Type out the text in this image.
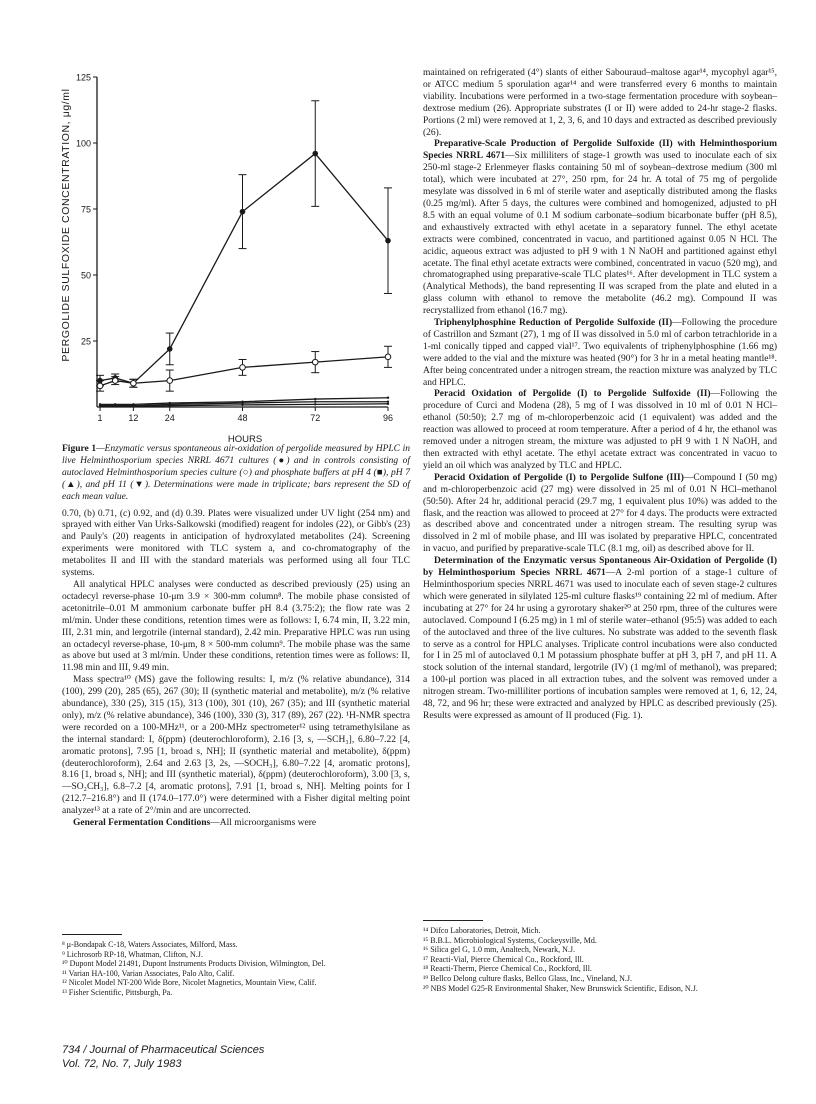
PERGOLIDE SULFOXIDE CONCENTRATION, μg/ml
HOURS
25
50
75
100
125
1	12	24	48	72	96

Figure 1—Enzymatic versus spontaneous air-oxidation of pergolide measured by HPLC in live Helminthosporium species NRRL 4671 cultures (●) and in controls consisting of autoclaved Helminthosporium species culture (○) and phosphate buffers at pH 4 (■), pH 7 (▲), and pH 11 (▼). Determinations were made in triplicate; bars represent the SD of each mean value.

0.70, (b) 0.71, (c) 0.92, and (d) 0.39. Plates were visualized under UV light (254 nm) and sprayed with either Van Urks-Salkowski (modified) reagent for indoles (22), or Gibb's (23) and Pauly's (20) reagents in anticipation of hydroxylated metabolites (24). Screening experiments were monitored with TLC system a, and co-chromatography of the metabolites II and III with the standard materials was performed using all four TLC systems.

All analytical HPLC analyses were conducted as described previously (25) using an octadecyl reverse-phase 10-μm 3.9 × 300-mm column⁸. The mobile phase consisted of acetonitrile–0.01 M ammonium carbonate buffer pH 8.4 (3.75:2); the flow rate was 2 ml/min. Under these conditions, retention times were as follows: I, 6.74 min, II, 3.22 min, III, 2.31 min, and lergotrile (internal standard), 2.42 min. Preparative HPLC was run using an octadecyl reverse-phase, 10-μm, 8 × 500-mm column⁹. The mobile phase was the same as above but used at 3 ml/min. Under these conditions, retention times were as follows: II, 11.98 min and III, 9.49 min.

Mass spectra¹⁰ (MS) gave the following results: I, m/z (% relative abundance), 314 (100), 299 (20), 285 (65), 267 (30); II (synthetic material and metabolite), m/z (% relative abundance), 330 (25), 315 (15), 313 (100), 301 (10), 267 (35); and III (synthetic material only), m/z (% relative abundance), 346 (100), 330 (3), 317 (89), 267 (22). ¹H-NMR spectra were recorded on a 100-MHz¹¹, or a 200-MHz spectrometer¹² using tetramethylsilane as the internal standard: I, δ(ppm) (deuterochloroform), 2.16 [3, s, —SCH₃], 6.80–7.22 [4, aromatic protons], 7.95 [1, broad s, NH]; II (synthetic material and metabolite), δ(ppm) (deuterochloroform), 2.64 and 2.63 [3, 2s, —SOCH₃], 6.80–7.22 [4, aromatic protons], 8.16 [1, broad s, NH]; and III (synthetic material), δ(ppm) (deuterochloroform), 3.00 [3, s, —SO₂CH₃], 6.8–7.2 [4, aromatic protons], 7.91 [1, broad s, NH]. Melting points for I (212.7–216.8°) and II (174.0–177.0°) were determined with a Fisher digital melting point analyzer¹³ at a rate of 2°/min and are uncorrected.

General Fermentation Conditions—All microorganisms were

⁸ μ-Bondapak C-18, Waters Associates, Milford, Mass.

⁹ Lichrosorb RP-18, Whatman, Clifton, N.J.

¹⁰ Dupont Model 21491, Dupont Instruments Products Division, Wilmington, Del.

¹¹ Varian HA-100, Varian Associates, Palo Alto, Calif.

¹² Nicolet Model NT-200 Wide Bore, Nicolet Magnetics, Mountain View, Calif.

¹³ Fisher Scientific, Pittsburgh, Pa.

maintained on refrigerated (4°) slants of either Sabouraud–maltose agar¹⁴, mycophyl agar¹⁵, or ATCC medium 5 sporulation agar¹⁴ and were transferred every 6 months to maintain viability. Incubations were performed in a two-stage fermentation procedure with soybean–dextrose medium (26). Appropriate substrates (I or II) were added to 24-hr stage-2 flasks. Portions (2 ml) were removed at 1, 2, 3, 6, and 10 days and extracted as described previously (26).

Preparative-Scale Production of Pergolide Sulfoxide (II) with Helminthosporium Species NRRL 4671—Six milliliters of stage-1 growth was used to inoculate each of six 250-ml stage-2 Erlenmeyer flasks containing 50 ml of soybean–dextrose medium (300 ml total), which were incubated at 27°, 250 rpm, for 24 hr. A total of 75 mg of pergolide mesylate was dissolved in 6 ml of sterile water and aseptically distributed among the flasks (0.25 mg/ml). After 5 days, the cultures were combined and homogenized, adjusted to pH 8.5 with an equal volume of 0.1 M sodium carbonate–sodium bicarbonate buffer (pH 8.5), and exhaustively extracted with ethyl acetate in a separatory funnel. The ethyl acetate extracts were combined, concentrated in vacuo, and partitioned against 0.05 N HCl. The acidic, aqueous extract was adjusted to pH 9 with 1 N NaOH and partitioned against ethyl acetate. The final ethyl acetate extracts were combined, concentrated in vacuo (520 mg), and chromatographed using preparative-scale TLC plates¹⁶. After development in TLC system a (Analytical Methods), the band representing II was scraped from the plate and eluted in a glass column with ethanol to remove the metabolite (46.2 mg). Compound II was recrystallized from ethanol (16.7 mg).

Triphenylphosphine Reduction of Pergolide Sulfoxide (II)—Following the procedure of Castrillon and Szmant (27), 1 mg of II was dissolved in 5.0 ml of carbon tetrachloride in a 1-ml conically tipped and capped vial¹⁷. Two equivalents of triphenylphosphine (1.66 mg) were added to the vial and the mixture was heated (90°) for 3 hr in a metal heating mantle¹⁸. After being concentrated under a nitrogen stream, the reaction mixture was analyzed by TLC and HPLC.

Peracid Oxidation of Pergolide (I) to Pergolide Sulfoxide (II)—Following the procedure of Curci and Modena (28), 5 mg of I was dissolved in 10 ml of 0.01 N HCl–ethanol (50:50); 2.7 mg of m-chloroperbenzoic acid (1 equivalent) was added and the reaction was allowed to proceed at room temperature. After a period of 4 hr, the ethanol was removed under a nitrogen stream, the mixture was adjusted to pH 9 with 1 N NaOH, and then extracted with ethyl acetate. The ethyl acetate extract was concentrated in vacuo to yield an oil which was analyzed by TLC and HPLC.

Peracid Oxidation of Pergolide (I) to Pergolide Sulfone (III)—Compound I (50 mg) and m-chloroperbenzoic acid (27 mg) were dissolved in 25 ml of 0.01 N HCl–methanol (50:50). After 24 hr, additional peracid (29.7 mg, 1 equivalent plus 10%) was added to the flask, and the reaction was allowed to proceed at 27° for 4 days. The products were extracted as described above and concentrated under a nitrogen stream. The resulting syrup was dissolved in 2 ml of mobile phase, and III was isolated by preparative HPLC, concentrated in vacuo, and purified by preparative-scale TLC (8.1 mg, oil) as described above for II.

Determination of the Enzymatic versus Spontaneous Air-Oxidation of Pergolide (I) by Helminthosporium Species NRRL 4671—A 2-ml portion of a stage-1 culture of Helminthosporium species NRRL 4671 was used to inoculate each of seven stage-2 cultures which were generated in silylated 125-ml culture flasks¹⁹ containing 22 ml of medium. After incubating at 27° for 24 hr using a gyrorotary shaker²⁰ at 250 rpm, three of the cultures were autoclaved. Compound I (6.25 mg) in 1 ml of sterile water–ethanol (95:5) was added to each of the autoclaved and three of the live cultures. No substrate was added to the seventh flask to serve as a control for HPLC analyses. Triplicate control incubations were also conducted for I in 25 ml of autoclaved 0.1 M potassium phosphate buffer at pH 3, pH 7, and pH 11. A stock solution of the internal standard, lergotrile (IV) (1 mg/ml of methanol), was prepared; a 100-μl portion was placed in all extraction tubes, and the solvent was removed under a nitrogen stream. Two-milliliter portions of incubation samples were removed at 1, 6, 12, 24, 48, 72, and 96 hr; these were extracted and analyzed by HPLC as described previously (25). Results were expressed as amount of II produced (Fig. 1).

¹⁴ Difco Laboratories, Detroit, Mich.

¹⁵ B.B.L. Microbiological Systems, Cockeysville, Md.

¹⁶ Silica gel G, 1.0 mm, Analtech, Newark, N.J.

¹⁷ Reacti-Vial, Pierce Chemical Co., Rockford, Ill.

¹⁸ Reacti-Therm, Pierce Chemical Co., Rockford, Ill.

¹⁹ Bellco Delong culture flasks, Bellco Glass, Inc., Vineland, N.J.

²⁰ NBS Model G25-R Environmental Shaker, New Brunswick Scientific, Edison, N.J.

734 / Journal of Pharmaceutical Sciences
Vol. 72, No. 7, July 1983
